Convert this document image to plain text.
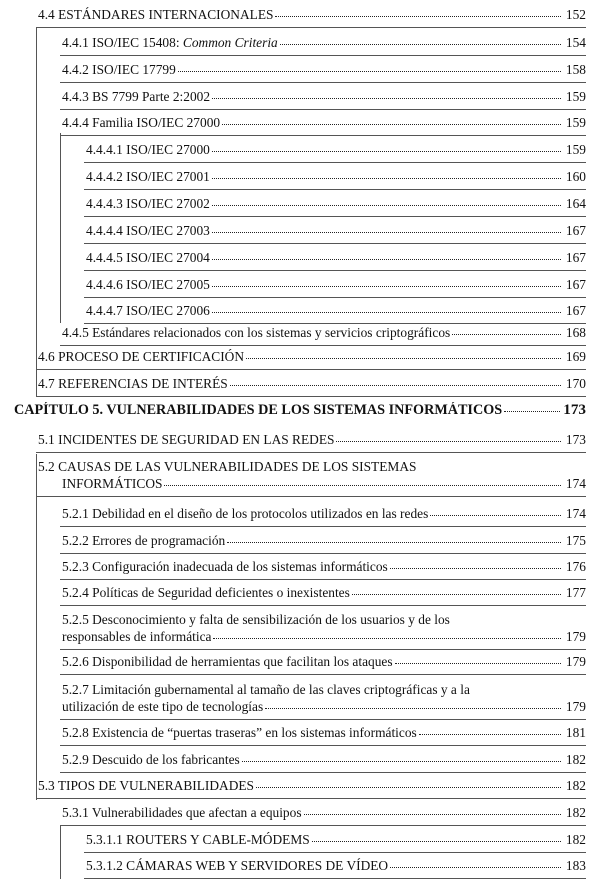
4.4 ESTÁNDARES INTERNACIONALES	152
4.4.1 ISO/IEC 15408: Common Criteria	154
4.4.2 ISO/IEC 17799	158
4.4.3 BS 7799 Parte 2:2002	159
4.4.4 Familia ISO/IEC 27000	159
4.4.4.1 ISO/IEC 27000	159
4.4.4.2 ISO/IEC 27001	160
4.4.4.3 ISO/IEC 27002	164
4.4.4.4 ISO/IEC 27003	167
4.4.4.5 ISO/IEC 27004	167
4.4.4.6 ISO/IEC 27005	167
4.4.4.7 ISO/IEC 27006	167
4.4.5 Estándares relacionados con los sistemas y servicios criptográficos	168
4.6 PROCESO DE CERTIFICACIÓN	169
4.7 REFERENCIAS DE INTERÉS	170
CAPÍTULO 5. VULNERABILIDADES DE LOS SISTEMAS INFORMÁTICOS	173
5.1 INCIDENTES DE SEGURIDAD EN LAS REDES	173
5.2 CAUSAS DE LAS VULNERABILIDADES DE LOS SISTEMAS
INFORMÁTICOS	174
5.2.1 Debilidad en el diseño de los protocolos utilizados en las redes	174
5.2.2 Errores de programación	175
5.2.3 Configuración inadecuada de los sistemas informáticos	176
5.2.4 Políticas de Seguridad deficientes o inexistentes	177
5.2.5 Desconocimiento y falta de sensibilización de los usuarios y de los
responsables de informática	179
5.2.6 Disponibilidad de herramientas que facilitan los ataques	179
5.2.7 Limitación gubernamental al tamaño de las claves criptográficas y a la
utilización de este tipo de tecnologías	179
5.2.8 Existencia de “puertas traseras” en los sistemas informáticos	181
5.2.9 Descuido de los fabricantes	182
5.3 TIPOS DE VULNERABILIDADES	182
5.3.1 Vulnerabilidades que afectan a equipos	182
5.3.1.1 ROUTERS Y CABLE-MÓDEMS	182
5.3.1.2 CÁMARAS WEB Y SERVIDORES DE VÍDEO	183
